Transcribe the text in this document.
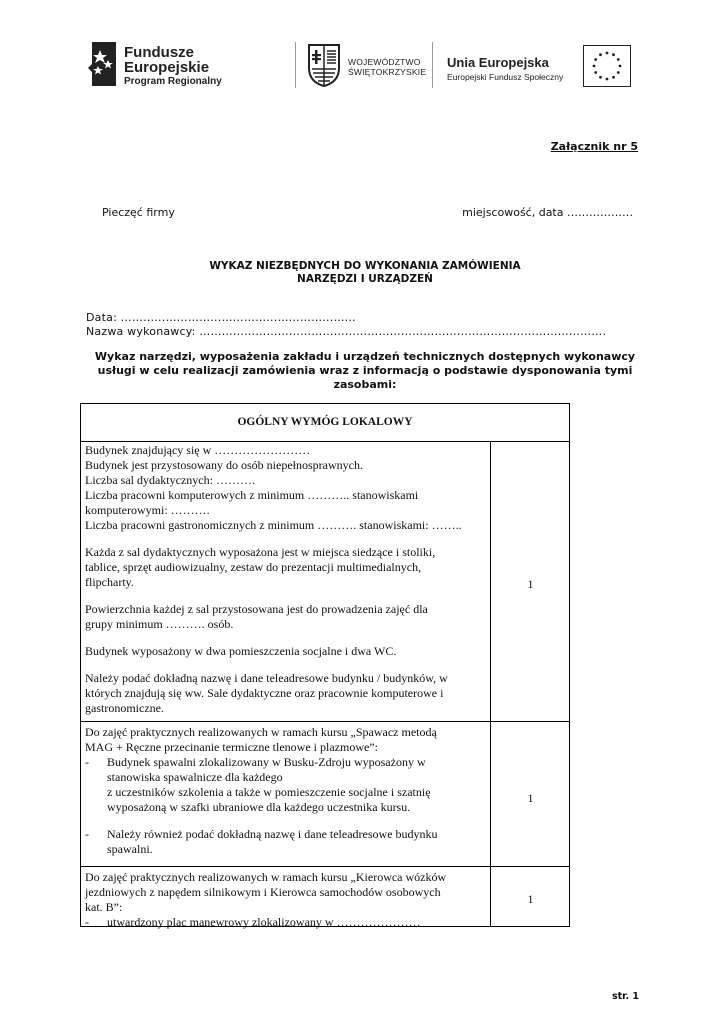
Fundusze
Europejskie
Program Regionalny
WOJEWÓDZTWO
ŚWIĘTOKRZYSKIE
Unia Europejska
Europejski Fundusz Społeczny
Załącznik nr 5
Pieczęć firmy	miejscowość, data ………………
WYKAZ NIEZBĘDNYCH DO WYKONANIA ZAMÓWIENIA
NARZĘDZI I URZĄDZEŃ
Data: ………………………………………………………
Nazwa wykonawcy: ……………………………………………………………………………………………….
Wykaz narzędzi, wyposażenia zakładu i urządzeń technicznych dostępnych wykonawcy
usługi w celu realizacji zamówienia wraz z informacją o podstawie dysponowania tymi
zasobami:
OGÓLNY WYMÓG LOKALOWY

Budynek znajdujący się w ……………………

Budynek jest przystosowany do osób niepełnosprawnych.

Liczba sal dydaktycznych: ……….

Liczba pracowni komputerowych z minimum ……….. stanowiskami

komputerowymi: ……….

Liczba pracowni gastronomicznych z minimum ………. stanowiskami: ……..

Każda z sal dydaktycznych wyposażona jest w miejsca siedzące i stoliki,

tablice, sprzęt audiowizualny, zestaw do prezentacji multimedialnych,

flipcharty.

Powierzchnia każdej z sal przystosowana jest do prowadzenia zajęć dla

grupy minimum ………. osób.

Budynek wyposażony w dwa pomieszczenia socjalne i dwa WC.

Należy podać dokładną nazwę i dane teleadresowe budynku / budynków, w

których znajdują się ww. Sale dydaktyczne oraz pracownie komputerowe i

gastronomiczne.

1

Do zajęć praktycznych realizowanych w ramach kursu „Spawacz metodą

MAG + Ręczne przecinanie termiczne tlenowe i plazmowe”:

-	Budynek spawalni zlokalizowany w Busku-Zdroju wyposażony w

stanowiska spawalnicze dla każdego

z uczestników szkolenia a także w pomieszczenie socjalne i szatnię

wyposażoną w szafki ubraniowe dla każdego uczestnika kursu.

-	Należy również podać dokładną nazwę i dane teleadresowe budynku

spawalni.

1

Do zajęć praktycznych realizowanych w ramach kursu „Kierowca wózków

jezdniowych z napędem silnikowym i Kierowca samochodów osobowych

kat. B”:

-	utwardzony plac manewrowy zlokalizowany w …………………
1
str. 1
